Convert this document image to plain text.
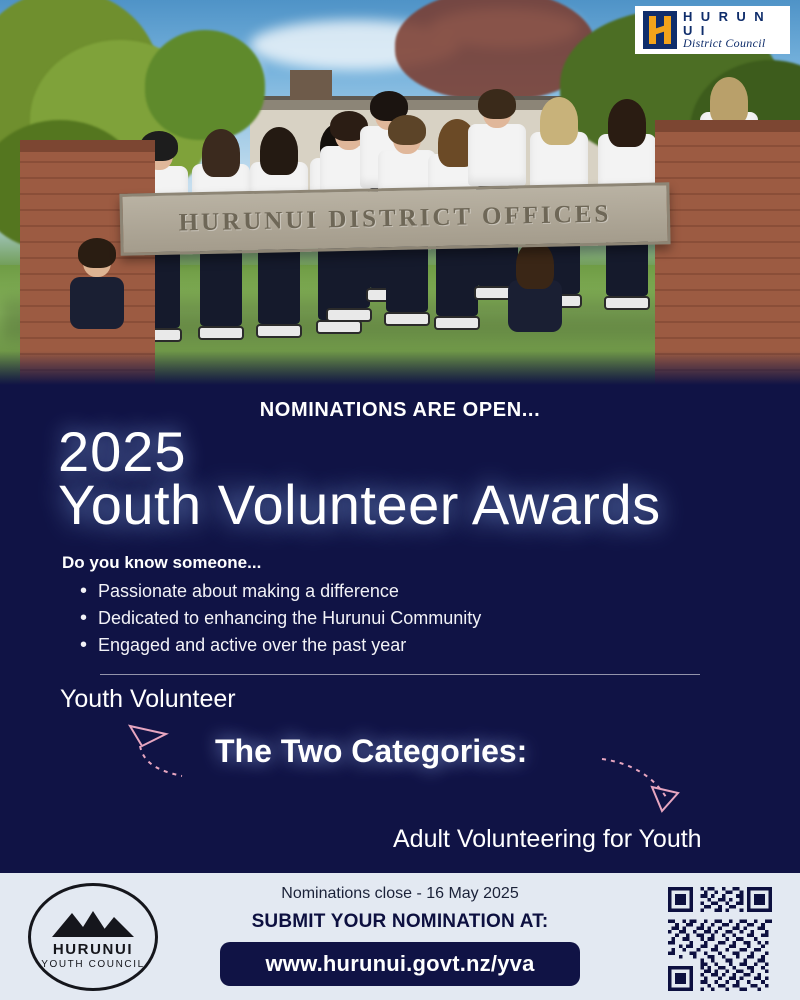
HURUNUI DISTRICT OFFICES
H U R U N U I
District Council
NOMINATIONS ARE OPEN...
2025
Youth Volunteer Awards
Do you know someone...
• Passionate about making a difference
• Dedicated to enhancing the Hurunui Community
• Engaged and active over the past year
Youth Volunteer
The Two Categories:
Adult Volunteering for Youth
HURUNUI
YOUTH COUNCIL
Nominations close - 16 May 2025
SUBMIT YOUR NOMINATION AT:
www.hurunui.govt.nz/yva
